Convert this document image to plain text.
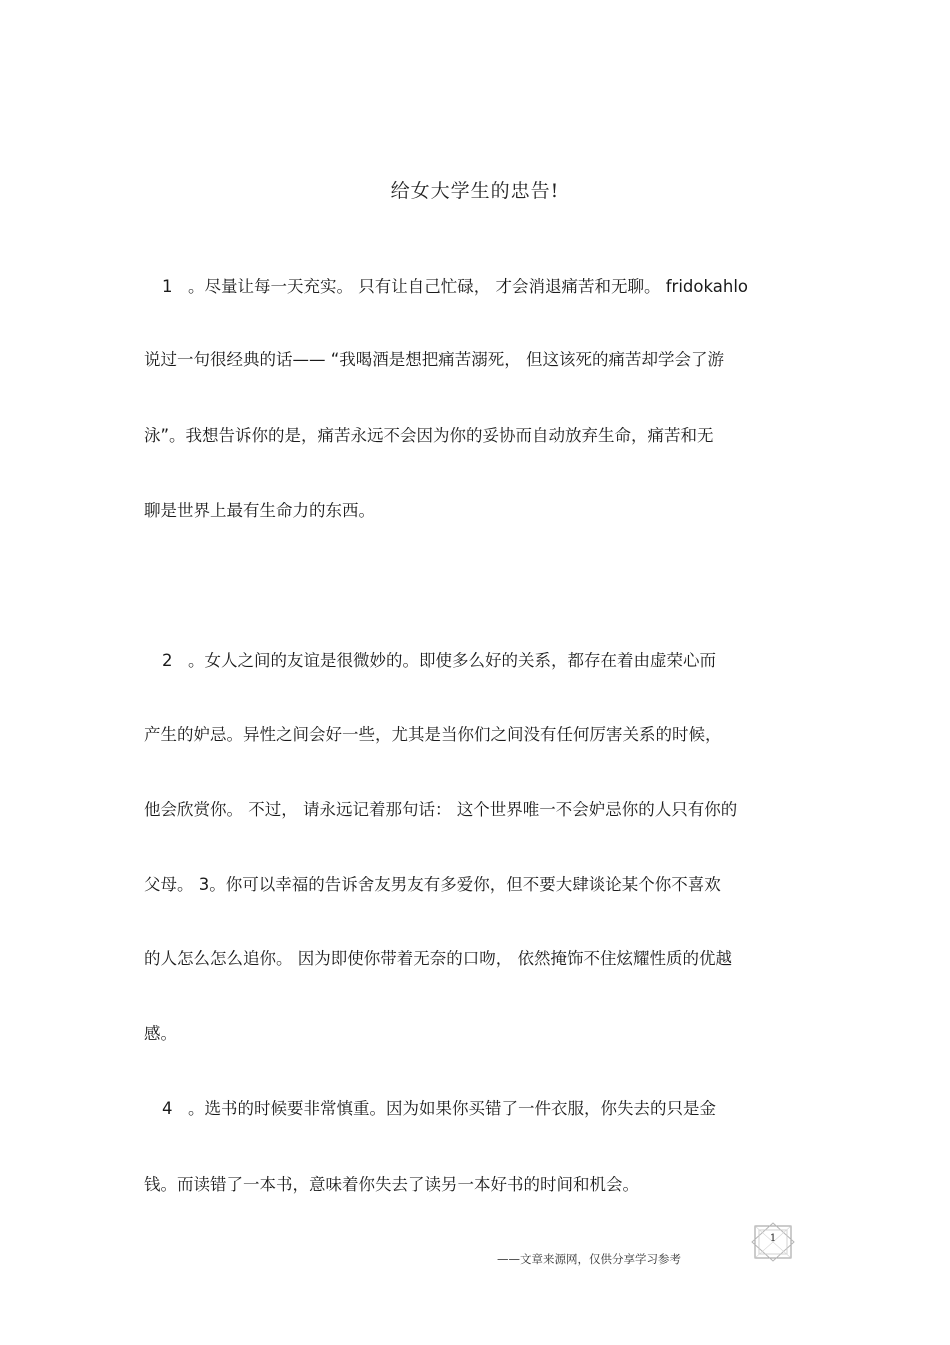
给女大学生的忠告!
1 。尽量让每一天充实。 只有让自己忙碌， 才会消退痛苦和无聊。 fridokahlo
说过一句很经典的话—— “我喝酒是想把痛苦溺死， 但这该死的痛苦却学会了游
泳”。我想告诉你的是，痛苦永远不会因为你的妥协而自动放弃生命，痛苦和无
聊是世界上最有生命力的东西。
2 。女人之间的友谊是很微妙的。即使多么好的关系，都存在着由虚荣心而
产生的妒忌。异性之间会好一些，尤其是当你们之间没有任何厉害关系的时候，
他会欣赏你。 不过， 请永远记着那句话： 这个世界唯一不会妒忌你的人只有你的
父母。 3。你可以幸福的告诉舍友男友有多爱你，但不要大肆谈论某个你不喜欢
的人怎么怎么追你。 因为即使你带着无奈的口吻， 依然掩饰不住炫耀性质的优越
感。
4 。选书的时候要非常慎重。因为如果你买错了一件衣服，你失去的只是金
钱。而读错了一本书，意味着你失去了读另一本好书的时间和机会。
——文章来源网，仅供分享学习参考
1
